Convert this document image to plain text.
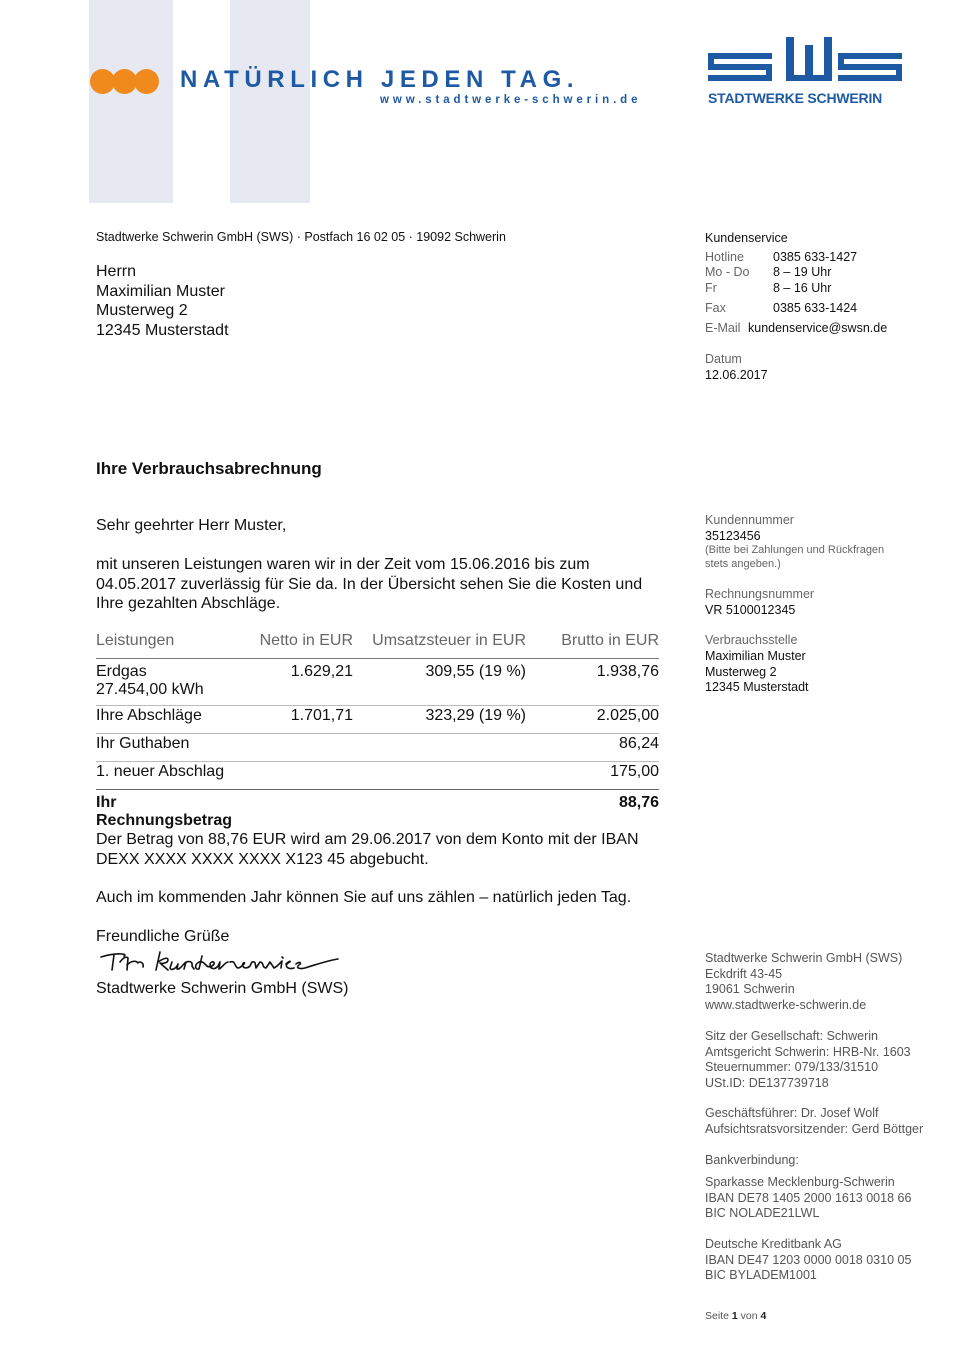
NATÜRLICH JEDEN TAG.
www.stadtwerke-schwerin.de	STADTWERKE SCHWERIN
Stadtwerke Schwerin GmbH (SWS) · Postfach 16 02 05 · 19092 Schwerin
Herrn
Maximilian Muster
Musterweg 2
12345 Musterstadt
Kundenservice
Hotline 0385 633-1427
Mo - Do 8 – 19 Uhr
Fr	8 – 16 Uhr
Fax	0385 633-1424
E-Mail kundenservice@swsn.de
Datum
12.06.2017
Ihre Verbrauchsabrechnung
Sehr geehrter Herr Muster,
mit unseren Leistungen waren wir in der Zeit vom 15.06.2016 bis zum
04.05.2017 zuverlässig für Sie da. In der Übersicht sehen Sie die Kosten und
Ihre gezahlten Abschläge.
Kundennummer
35123456
(Bitte bei Zahlungen und Rückfragen
stets angeben.)
Rechnungsnummer
VR 5100012345
Verbrauchsstelle
Maximilian Muster
Musterweg 2
12345 Musterstadt
Leistungen	Netto in EUR	Umsatzsteuer in EUR	Brutto in EUR

Erdgas
27.454,00 kWh	1.629,21	309,55 (19 %)	1.938,76
Ihre Abschläge	1.701,71	323,29 (19 %)	2.025,00
Ihr Guthaben			86,24
1. neuer Abschlag			175,00
Ihr Rechnungsbetrag			88,76
Der Betrag von 88,76 EUR wird am 29.06.2017 von dem Konto mit der IBAN
DEXX XXXX XXXX XXXX X123 45 abgebucht.
Auch im kommenden Jahr können Sie auf uns zählen – natürlich jeden Tag.
Freundliche Grüße
Stadtwerke Schwerin GmbH (SWS)
Stadtwerke Schwerin GmbH (SWS)
Eckdrift 43-45
19061 Schwerin
www.stadtwerke-schwerin.de
Sitz der Gesellschaft: Schwerin
Amtsgericht Schwerin: HRB-Nr. 1603
Steuernummer: 079/133/31510
USt.ID: DE137739718
Geschäftsführer: Dr. Josef Wolf
Aufsichtsratsvorsitzender: Gerd Böttger
Bankverbindung:
Sparkasse Mecklenburg-Schwerin
IBAN DE78 1405 2000 1613 0018 66
BIC NOLADE21LWL
Deutsche Kreditbank AG
IBAN DE47 1203 0000 0018 0310 05
BIC BYLADEM1001
Seite 1 von 4
